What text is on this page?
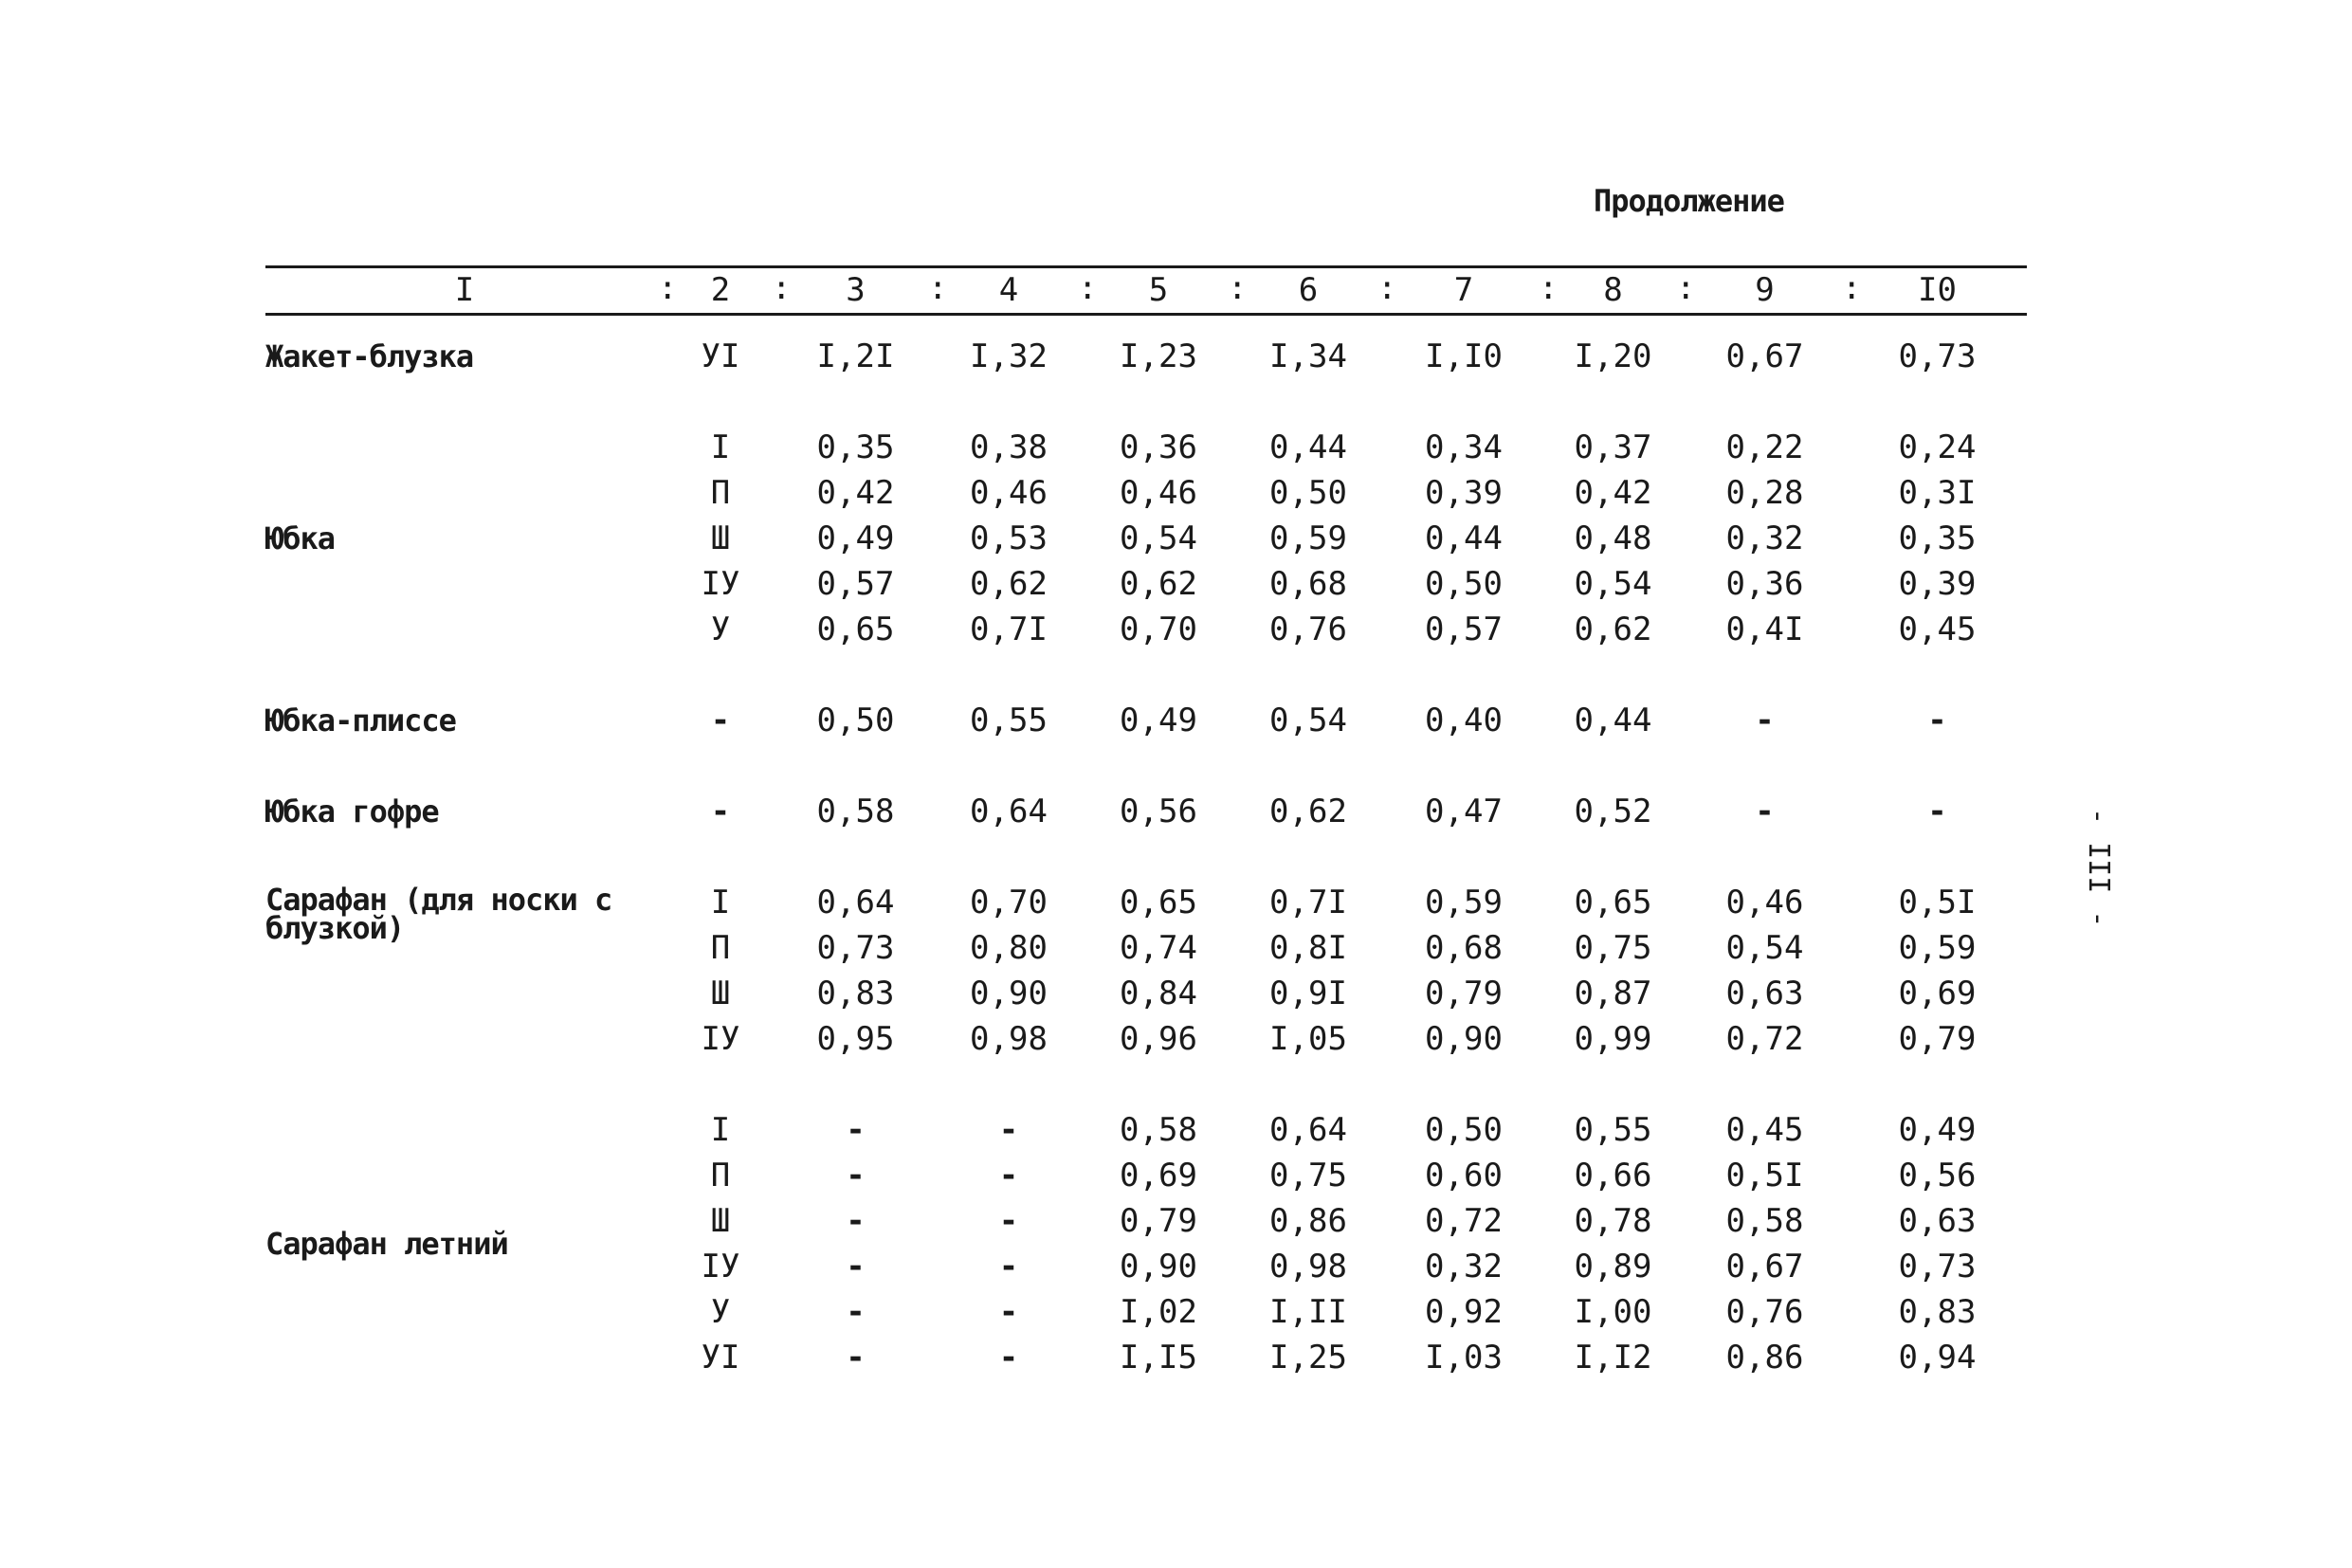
Продолжение
I	: 2	: 3	: 4	: 5	: 6	: 7	: 8	: 9	: I0

Жакет-блузка	УI	I,2I	I,32	I,23	I,34	I,I0	I,20	0,67	0,73

Юбка	I	0,35	0,38	0,36	0,44	0,34	0,37	0,22	0,24
	П	0,42	0,46	0,46	0,50	0,39	0,42	0,28	0,3I
	Ш	0,49	0,53	0,54	0,59	0,44	0,48	0,32	0,35
	IУ	0,57	0,62	0,62	0,68	0,50	0,54	0,36	0,39
	У	0,65	0,7I	0,70	0,76	0,57	0,62	0,4I	0,45

Юбка-плиссе	-	0,50	0,55	0,49	0,54	0,40	0,44	-	-

Юбка гофре	-	0,58	0,64	0,56	0,62	0,47	0,52	-	-

Сарафан (для носки с блузкой)	I	0,64	0,70	0,65	0,7I	0,59	0,65	0,46	0,5I
	П	0,73	0,80	0,74	0,8I	0,68	0,75	0,54	0,59
	Ш	0,83	0,90	0,84	0,9I	0,79	0,87	0,63	0,69
	IУ	0,95	0,98	0,96	I,05	0,90	0,99	0,72	0,79

Сарафан летний	I	-	-	0,58	0,64	0,50	0,55	0,45	0,49
	П	-	-	0,69	0,75	0,60	0,66	0,5I	0,56
	Ш	-	-	0,79	0,86	0,72	0,78	0,58	0,63
	IУ	-	-	0,90	0,98	0,32	0,89	0,67	0,73
	У	-	-	I,02	I,II	0,92	I,00	0,76	0,83
	УI	-	-	I,I5	I,25	I,03	I,I2	0,86	0,94
- III -
